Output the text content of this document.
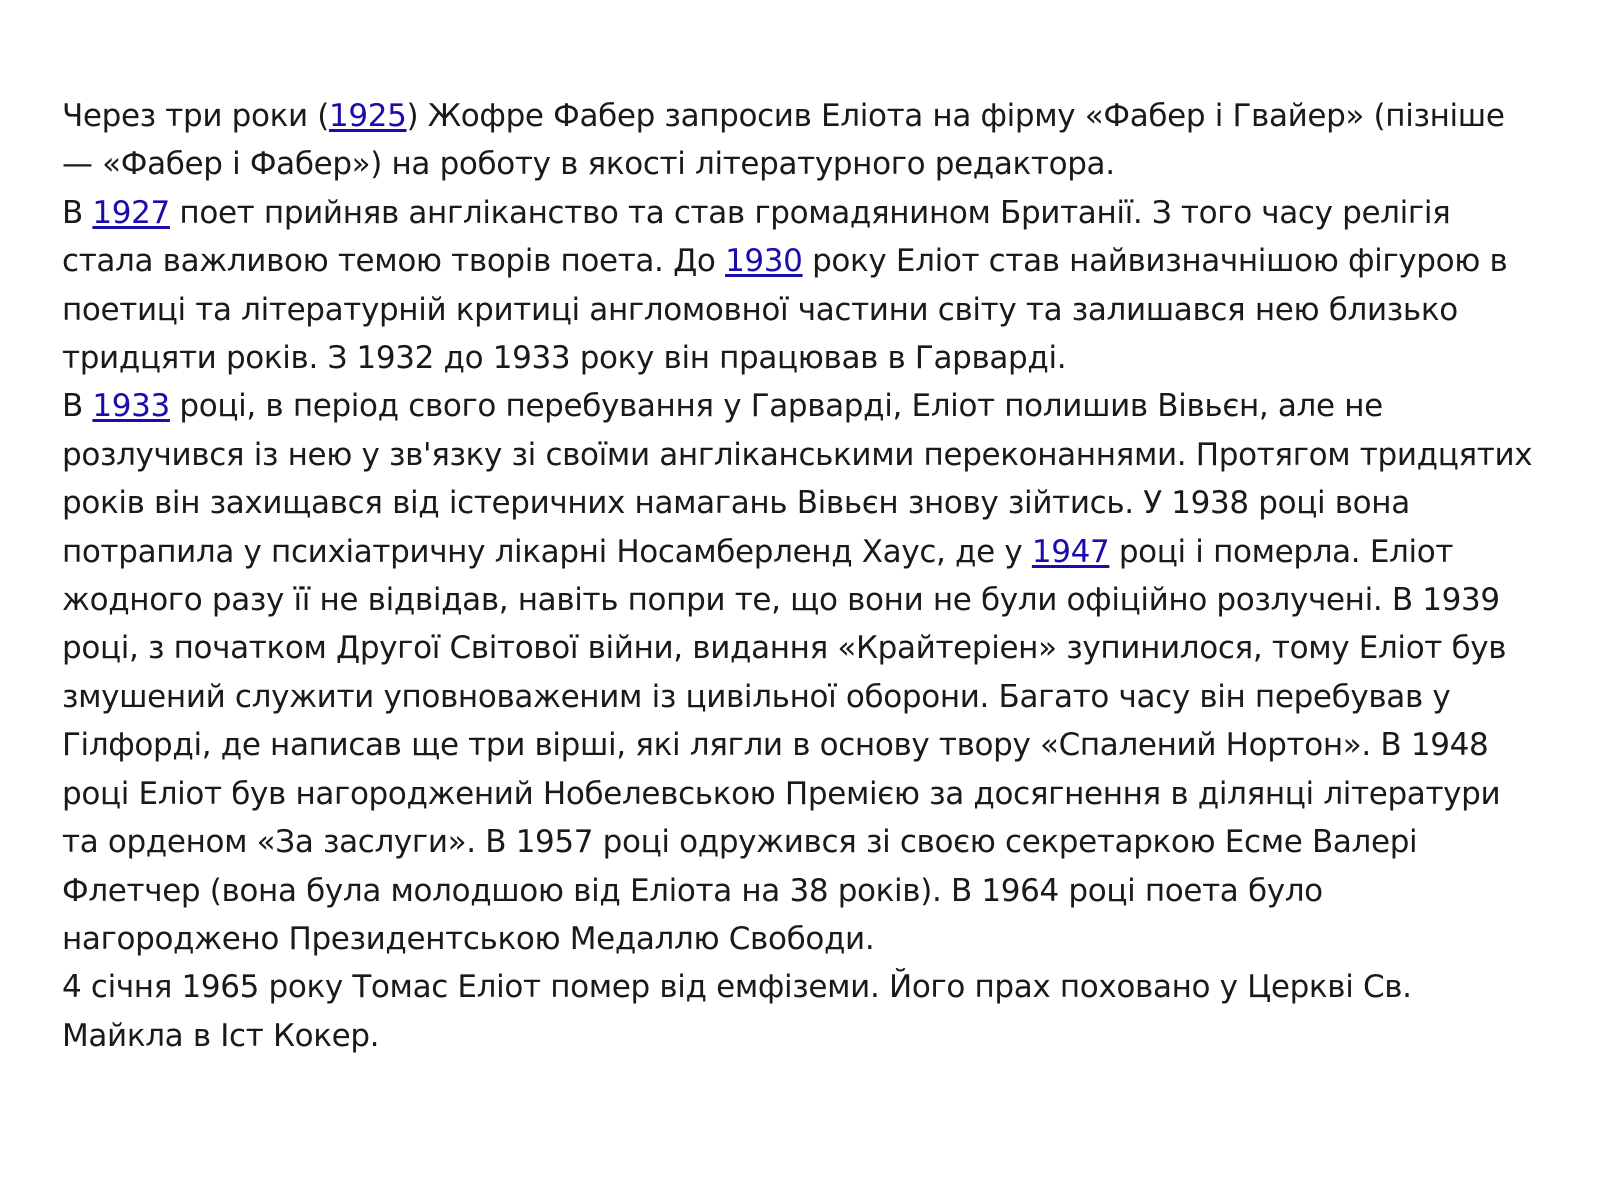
Через три роки (1925) Жофре Фабер запросив Еліота на фірму «Фабер і Гвайер» (пізніше — «Фабер і Фабер») на роботу в якості літературного редактора.

В 1927 поет прийняв англіканство та став громадянином Британії. З того часу релігія стала важливою темою творів поета. До 1930 року Еліот став найвизначнішою фігурою в поетиці та літературній критиці англомовної частини світу та залишався нею близько тридцяти років. З 1932 до 1933 року він працював в Гарварді.

В 1933 році, в період свого перебування у Гарварді, Еліот полишив Вівьєн, але не розлучився із нею у зв'язку зі своїми англіканськими переконаннями. Протягом тридцятих років він захищався від істеричних намагань Вівьєн знову зійтись. У 1938 році вона потрапила у психіатричну лікарні Носамберленд Хаус, де у 1947 році і померла. Еліот жодного разу її не відвідав, навіть попри те, що вони не були офіційно розлучені. В 1939 році, з початком Другої Світової війни, видання «Крайтеріен» зупинилося, тому Еліот був змушений служити уповноваженим із цивільної оборони. Багато часу він перебував у Гілфорді, де написав ще три вірші, які лягли в основу твору «Спалений Нортон». В 1948 році Еліот був нагороджений Нобелевською Премією за досягнення в ділянці літератури та орденом «За заслуги». В 1957 році одружився зі своєю секретаркою Есме Валері Флетчер (вона була молодшою від Еліота на 38 років). В 1964 році поета було нагороджено Президентською Медаллю Свободи.

4 січня 1965 року Томас Еліот помер від емфіземи. Його прах поховано у Церкві Св. Майкла в Іст Кокер.
